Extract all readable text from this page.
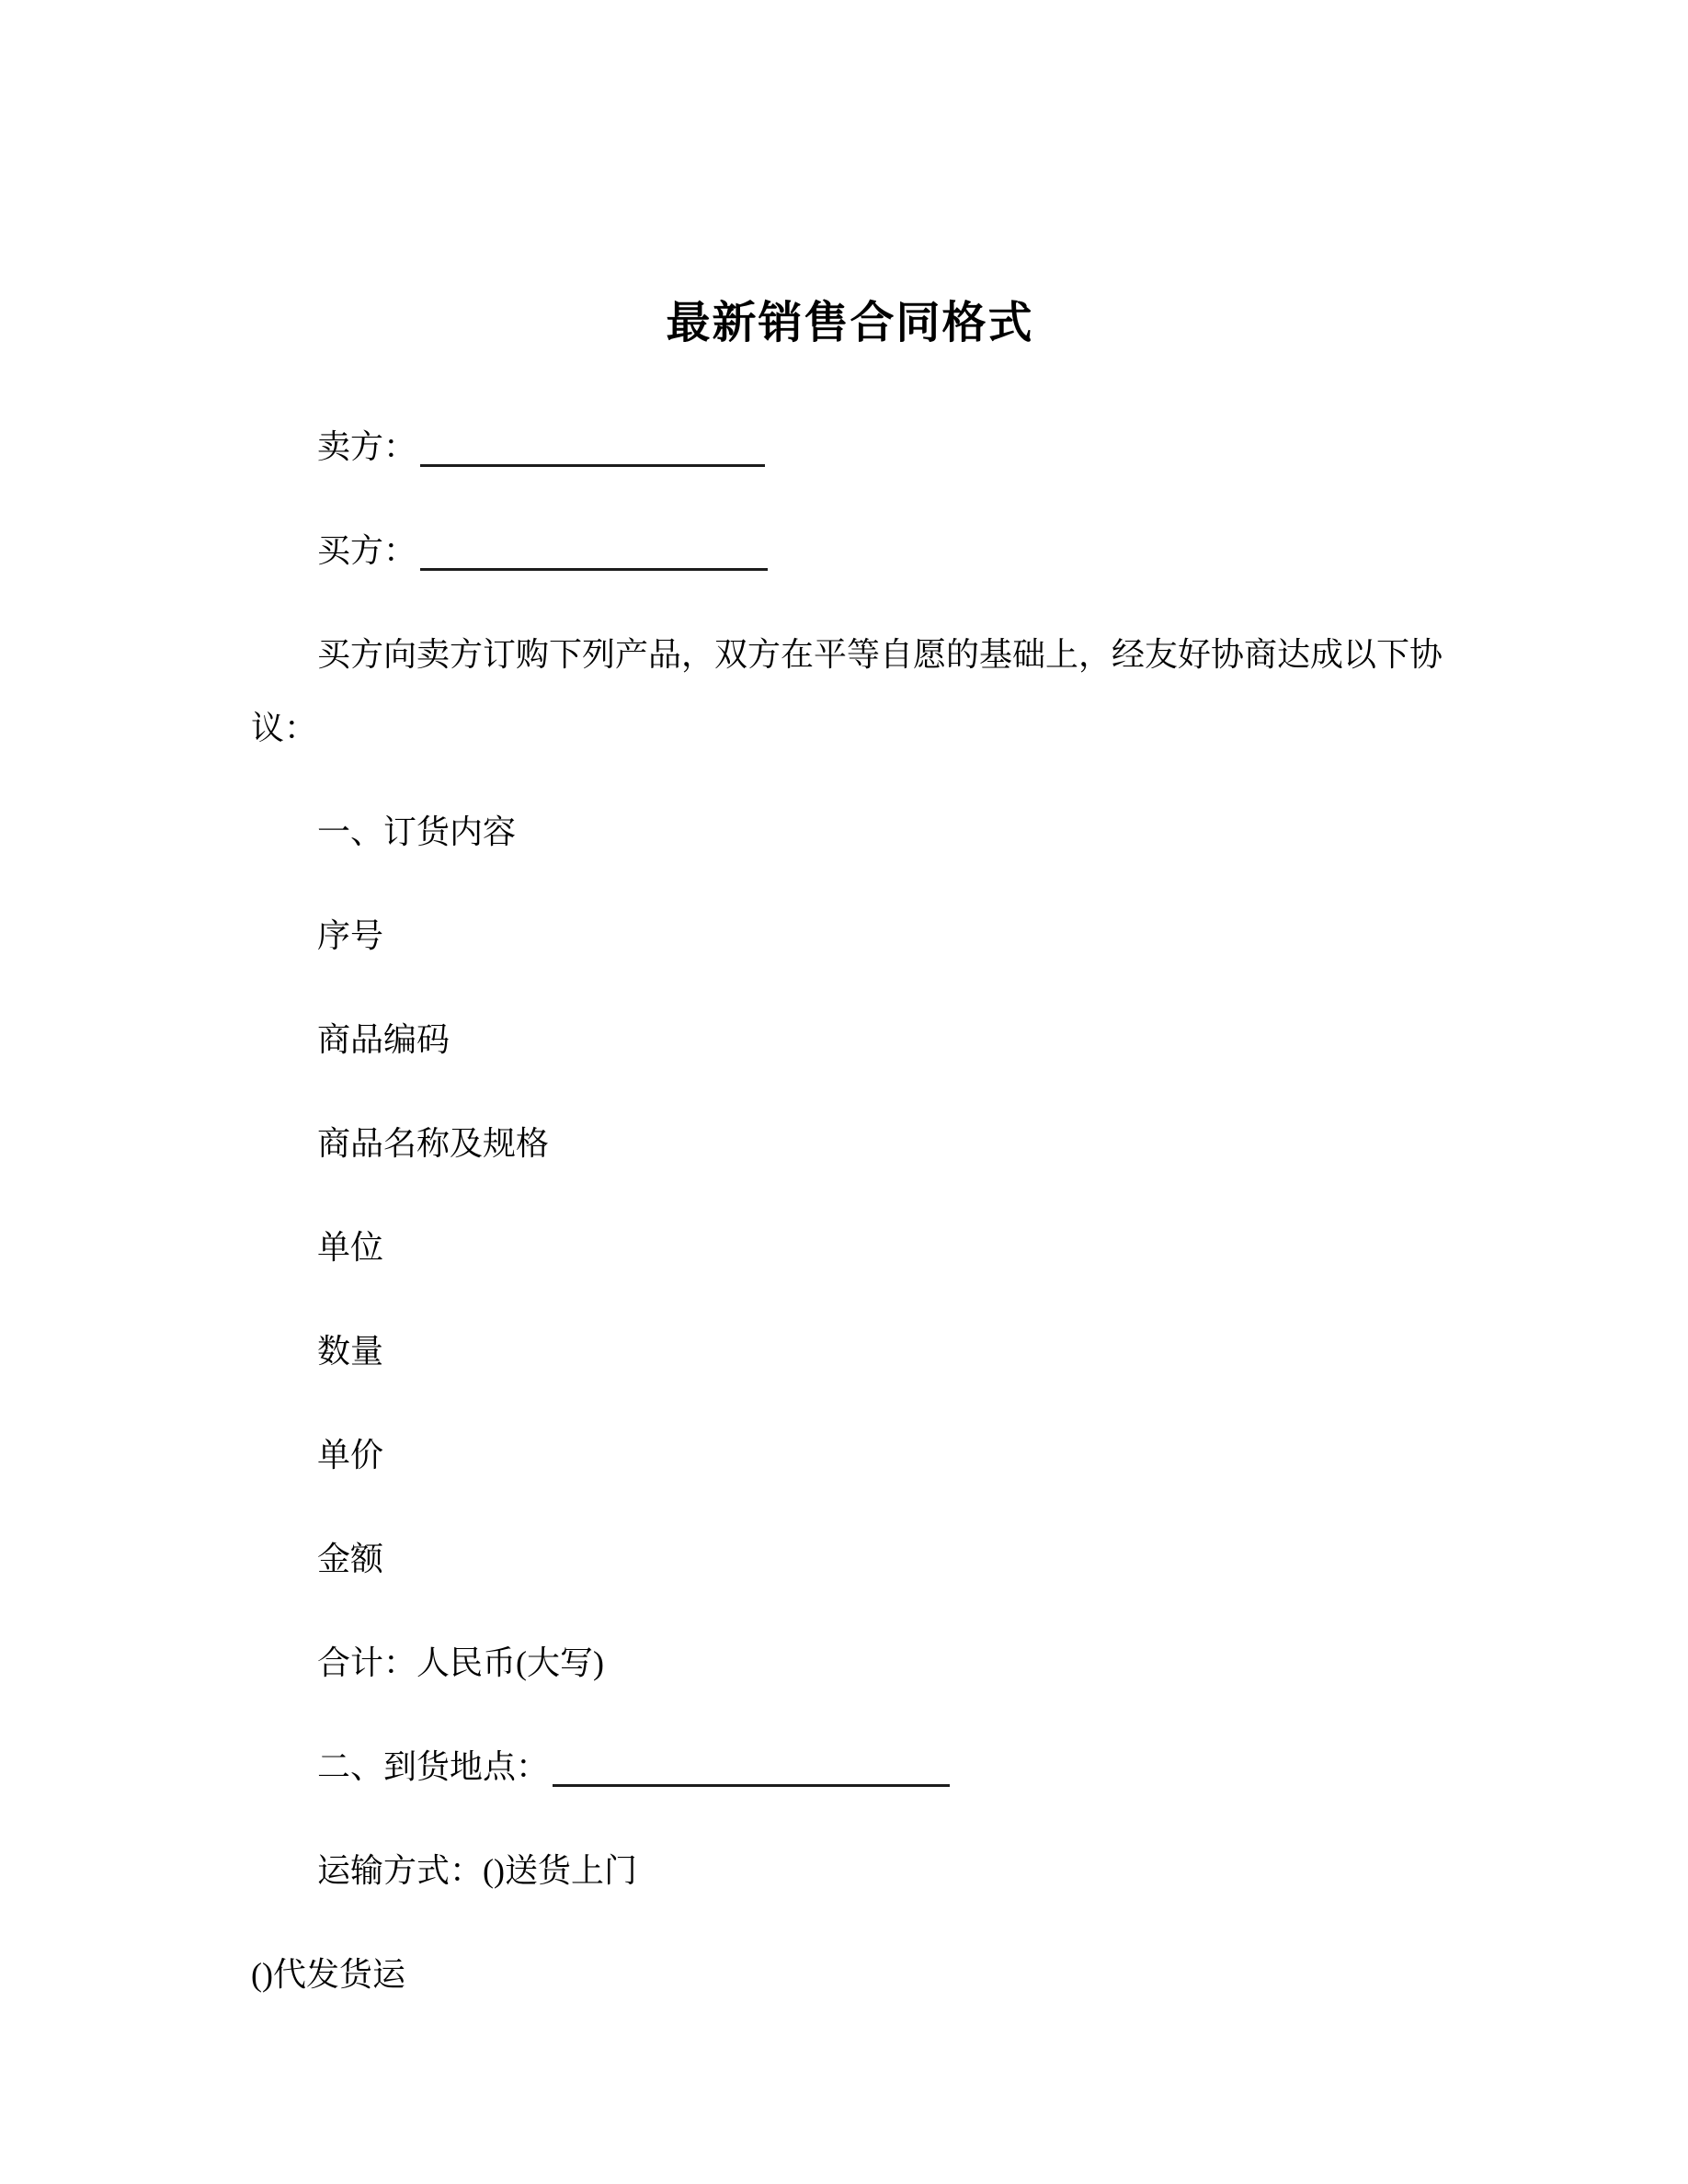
最新销售合同格式

卖方：

买方：

买方向卖方订购下列产品，双方在平等自愿的基础上，经友好协商达成以下协议：

一、订货内容

序号

商品编码

商品名称及规格

单位

数量

单价

金额

合计：人民币(大写)

二、到货地点：

运输方式：()送货上门

()代发货运
